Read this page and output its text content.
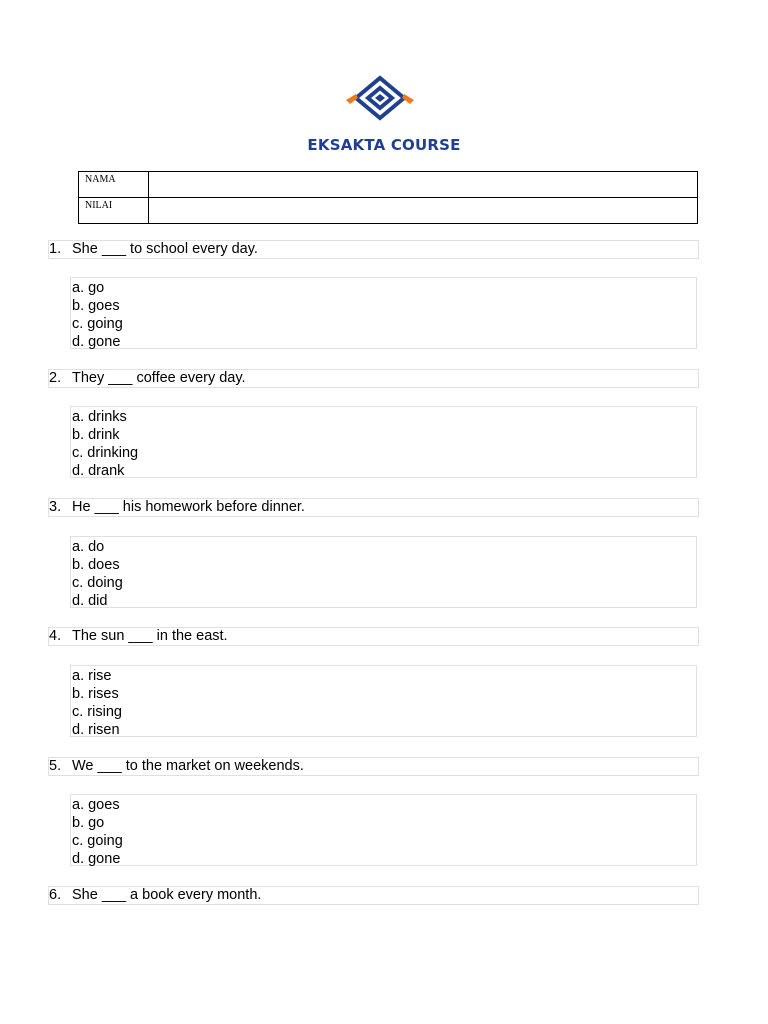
EKSAKTA COURSE
NAMA	
NILAI	
1. She ___ to school every day.
a. go
b. goes
c. going
d. gone
2. They ___ coffee every day.
a. drinks
b. drink
c. drinking
d. drank
3. He ___ his homework before dinner.
a. do
b. does
c. doing
d. did
4. The sun ___ in the east.
a. rise
b. rises
c. rising
d. risen
5. We ___ to the market on weekends.
a. goes
b. go
c. going
d. gone
6. She ___ a book every month.
